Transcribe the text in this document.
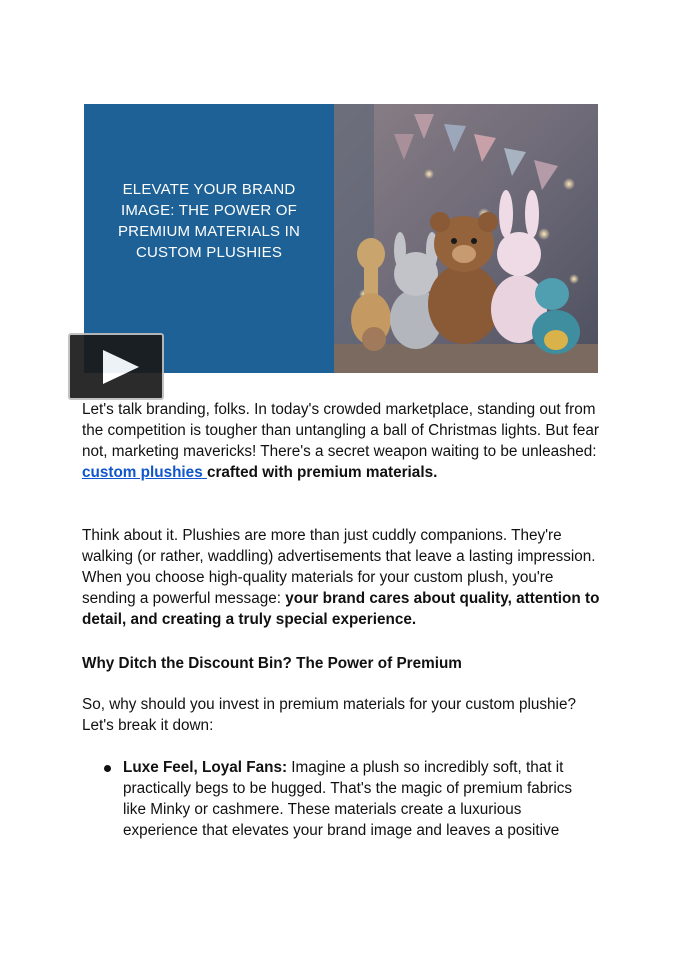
ELEVATE YOUR BRAND
IMAGE: THE POWER OF
PREMIUM MATERIALS IN
CUSTOM PLUSHIES
Let's talk branding, folks. In today's crowded marketplace, standing out from the competition is tougher than untangling a ball of Christmas lights. But fear not, marketing mavericks! There's a secret weapon waiting to be unleashed: custom plushies crafted with premium materials.
Think about it. Plushies are more than just cuddly companions. They're walking (or rather, waddling) advertisements that leave a lasting impression. When you choose high-quality materials for your custom plush, you're sending a powerful message: your brand cares about quality, attention to detail, and creating a truly special experience.
Why Ditch the Discount Bin? The Power of Premium
So, why should you invest in premium materials for your custom plushie? Let's break it down:
Luxe Feel, Loyal Fans: Imagine a plush so incredibly soft, that it practically begs to be hugged. That's the magic of premium fabrics like Minky or cashmere. These materials create a luxurious experience that elevates your brand image and leaves a positive
